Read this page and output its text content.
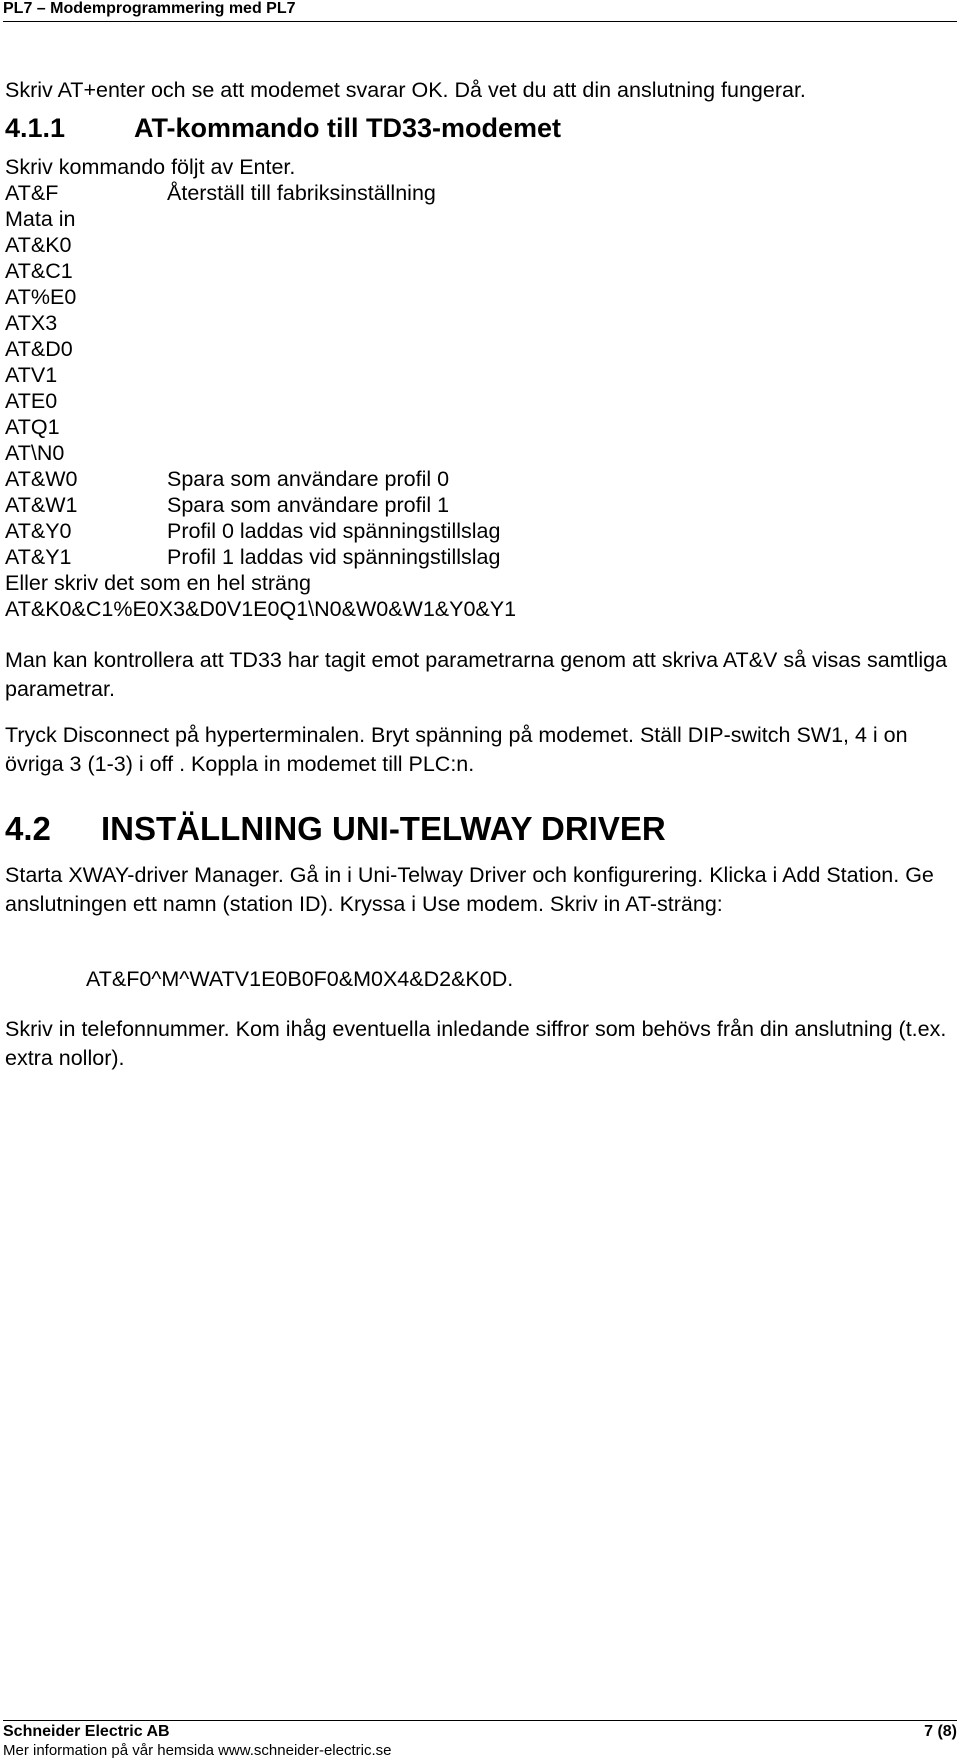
PL7 – Modemprogrammering med PL7
Skriv AT+enter och se att modemet svarar OK. Då vet du att din anslutning fungerar.
4.1.1	AT-kommando till TD33-modemet
Skriv kommando följt av Enter.
AT&F	Återställ till fabriksinställning
Mata in
AT&K0
AT&C1
AT%E0
ATX3
AT&D0
ATV1
ATE0
ATQ1
AT\N0
AT&W0	Spara som användare profil 0
AT&W1	Spara som användare profil 1
AT&Y0	Profil 0 laddas vid spänningstillslag
AT&Y1	Profil 1 laddas vid spänningstillslag
Eller skriv det som en hel sträng
AT&K0&C1%E0X3&D0V1E0Q1\N0&W0&W1&Y0&Y1
Man kan kontrollera att TD33 har tagit emot parametrarna genom att skriva AT&V så visas samtliga parametrar.
Tryck Disconnect på hyperterminalen. Bryt spänning på modemet. Ställ DIP-switch SW1, 4 i on övriga 3 (1-3) i off . Koppla in modemet till PLC:n.
4.2 INSTÄLLNING UNI-TELWAY DRIVER
Starta XWAY-driver Manager. Gå in i Uni-Telway Driver och konfigurering. Klicka i Add Station. Ge anslutningen ett namn (station ID). Kryssa i Use modem. Skriv in AT-sträng:
AT&F0^M^WATV1E0B0F0&M0X4&D2&K0D.
Skriv in telefonnummer. Kom ihåg eventuella inledande siffror som behövs från din anslutning (t.ex. extra nollor).
Schneider Electric AB	7 (8)
Mer information på vår hemsida www.schneider-electric.se
